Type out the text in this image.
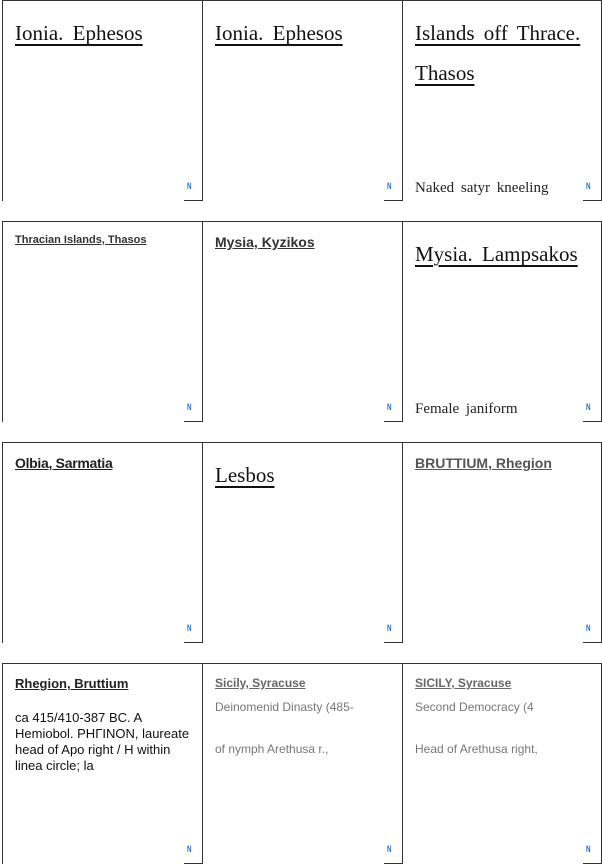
Ionia. Ephesos
N
Ionia. Ephesos
N
Islands off Thrace. Thasos
Naked satyr kneeling	N
Thracian Islands, Thasos
N
Mysia, Kyzikos
N
Mysia. Lampsakos
Female janiform	N
Olbia, Sarmatia
N
Lesbos
N
BRUTTIUM, Rhegion
N
Rhegion, Bruttium
ca 415/410-387 BC. A Hemiobol. ΡΗΓΙΝΟΝ, laureate head of Apo right / H within linea circle; la
N
Sicily, Syracuse
Deinomenid Dinasty (485-
of nymph Arethusa r.,
N
SICILY, Syracuse
Second Democracy (4
Head of Arethusa right,
N
